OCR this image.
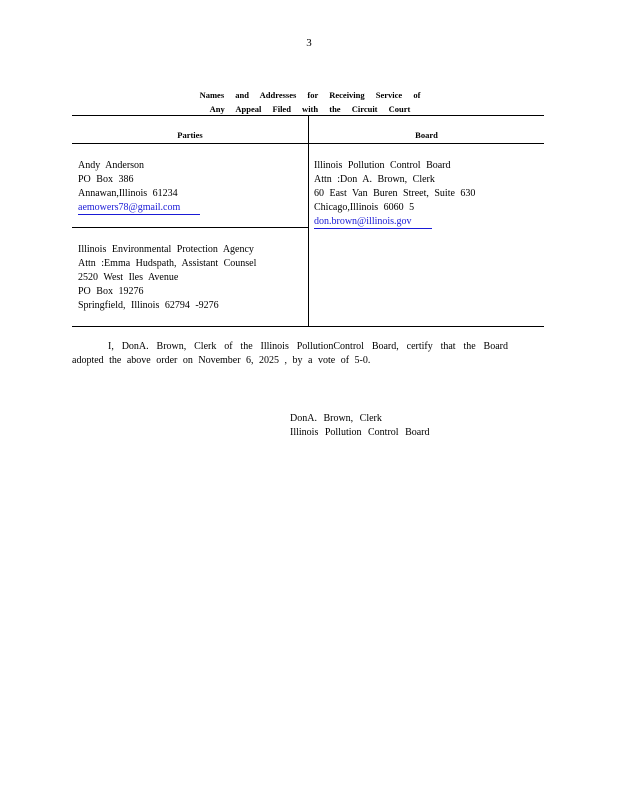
3
Names and Addresses for Receiving Service of
Any Appeal Filed with the Circuit Court
Parties	Board
Andy Anderson
PO Box 386
Annawan,Illinois 61234
aemowers78@gmail.com
Illinois Environmental Protection Agency
Attn :Emma Hudspath, Assistant Counsel
2520 West Iles Avenue
PO Box 19276
Springfield, Illinois 62794 -9276
Illinois Pollution Control Board
Attn :Don A. Brown, Clerk
60 East Van Buren Street, Suite 630
Chicago,Illinois 6060 5
don.brown@illinois.gov
I, DonA. Brown, Clerk of the Illinois PollutionControl Board, certify that the Board adopted the above order on November 6, 2025 , by a vote of 5-0.
DonA. Brown, Clerk
Illinois Pollution Control Board
